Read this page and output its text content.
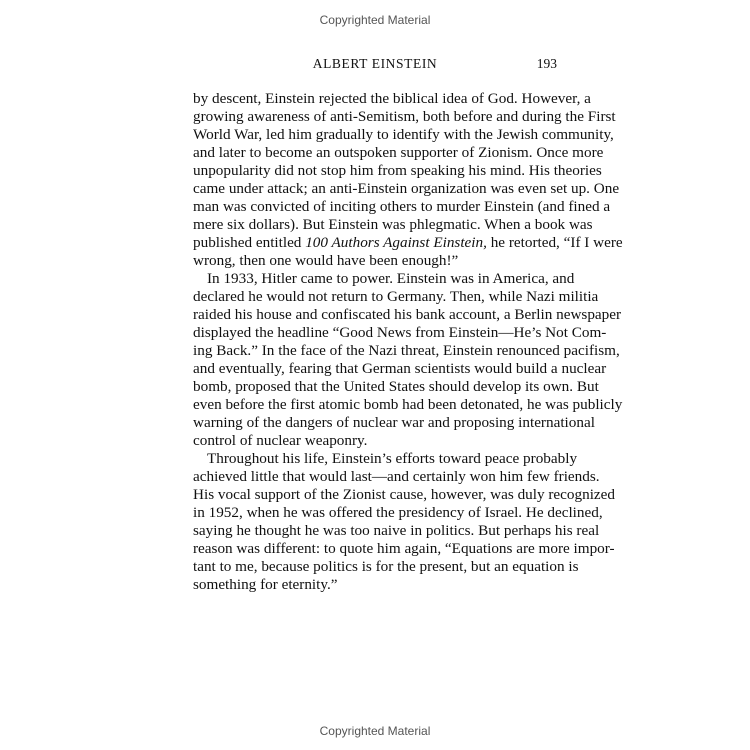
Copyrighted Material
ALBERT EINSTEIN	193
by descent, Einstein rejected the biblical idea of God. However, a
growing awareness of anti-Semitism, both before and during the First
World War, led him gradually to identify with the Jewish community,
and later to become an outspoken supporter of Zionism. Once more
unpopularity did not stop him from speaking his mind. His theories
came under attack; an anti-Einstein organization was even set up. One
man was convicted of inciting others to murder Einstein (and fined a
mere six dollars). But Einstein was phlegmatic. When a book was
published entitled 100 Authors Against Einstein, he retorted, “If I were
wrong, then one would have been enough!”
In 1933, Hitler came to power. Einstein was in America, and
declared he would not return to Germany. Then, while Nazi militia
raided his house and confiscated his bank account, a Berlin newspaper
displayed the headline “Good News from Einstein—He’s Not Com-
ing Back.” In the face of the Nazi threat, Einstein renounced pacifism,
and eventually, fearing that German scientists would build a nuclear
bomb, proposed that the United States should develop its own. But
even before the first atomic bomb had been detonated, he was publicly
warning of the dangers of nuclear war and proposing international
control of nuclear weaponry.
Throughout his life, Einstein’s efforts toward peace probably
achieved little that would last—and certainly won him few friends.
His vocal support of the Zionist cause, however, was duly recognized
in 1952, when he was offered the presidency of Israel. He declined,
saying he thought he was too naive in politics. But perhaps his real
reason was different: to quote him again, “Equations are more impor-
tant to me, because politics is for the present, but an equation is
something for eternity.”
Copyrighted Material
